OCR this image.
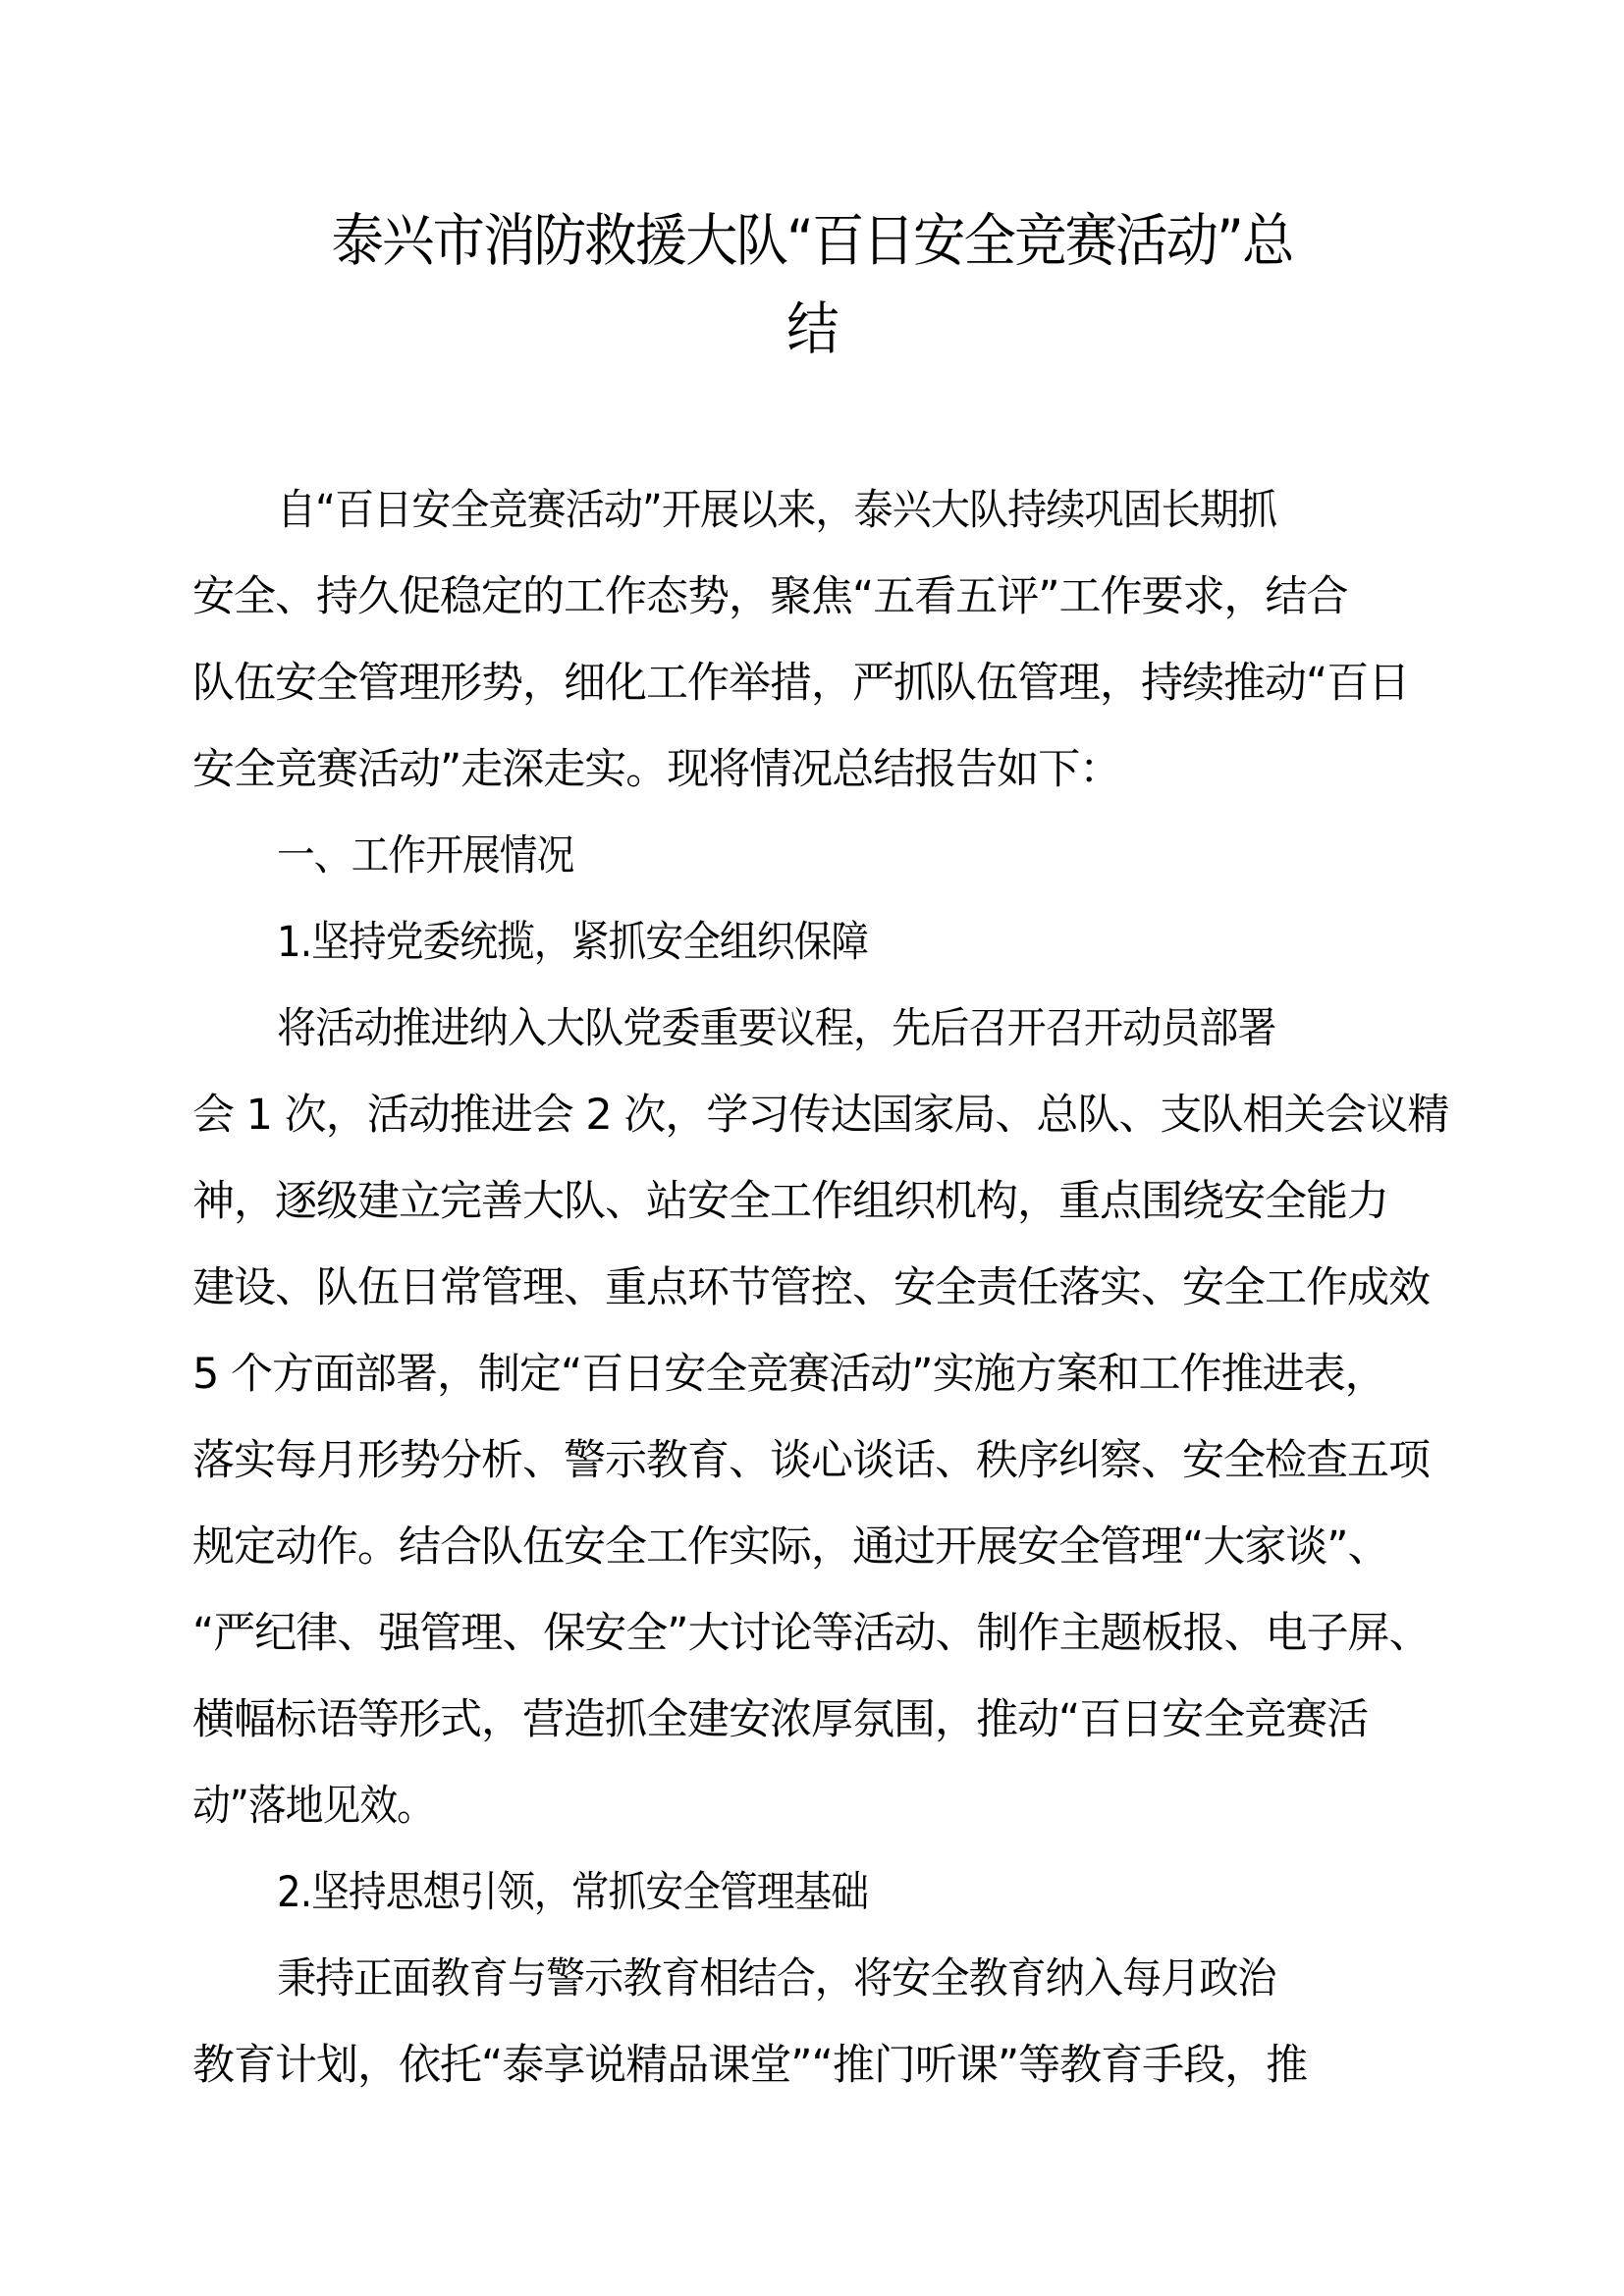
泰兴市消防救援大队“百日安全竞赛活动”总
结
自“百日安全竞赛活动”开展以来，泰兴大队持续巩固长期抓
安全、持久促稳定的工作态势，聚焦“五看五评”工作要求，结合
队伍安全管理形势，细化工作举措，严抓队伍管理，持续推动“百日
安全竞赛活动”走深走实。现将情况总结报告如下：
一、工作开展情况
1.坚持党委统揽，紧抓安全组织保障
将活动推进纳入大队党委重要议程，先后召开召开动员部署
会 1 次，活动推进会 2 次，学习传达国家局、总队、支队相关会议精
神，逐级建立完善大队、站安全工作组织机构，重点围绕安全能力
建设、队伍日常管理、重点环节管控、安全责任落实、安全工作成效
5 个方面部署，制定“百日安全竞赛活动”实施方案和工作推进表，
落实每月形势分析、警示教育、谈心谈话、秩序纠察、安全检查五项
规定动作。结合队伍安全工作实际，通过开展安全管理“大家谈”、
“严纪律、强管理、保安全”大讨论等活动、制作主题板报、电子屏、
横幅标语等形式，营造抓全建安浓厚氛围，推动“百日安全竞赛活
动”落地见效。
2.坚持思想引领，常抓安全管理基础
秉持正面教育与警示教育相结合，将安全教育纳入每月政治
教育计划，依托“泰享说精品课堂”“推门听课”等教育手段，推
